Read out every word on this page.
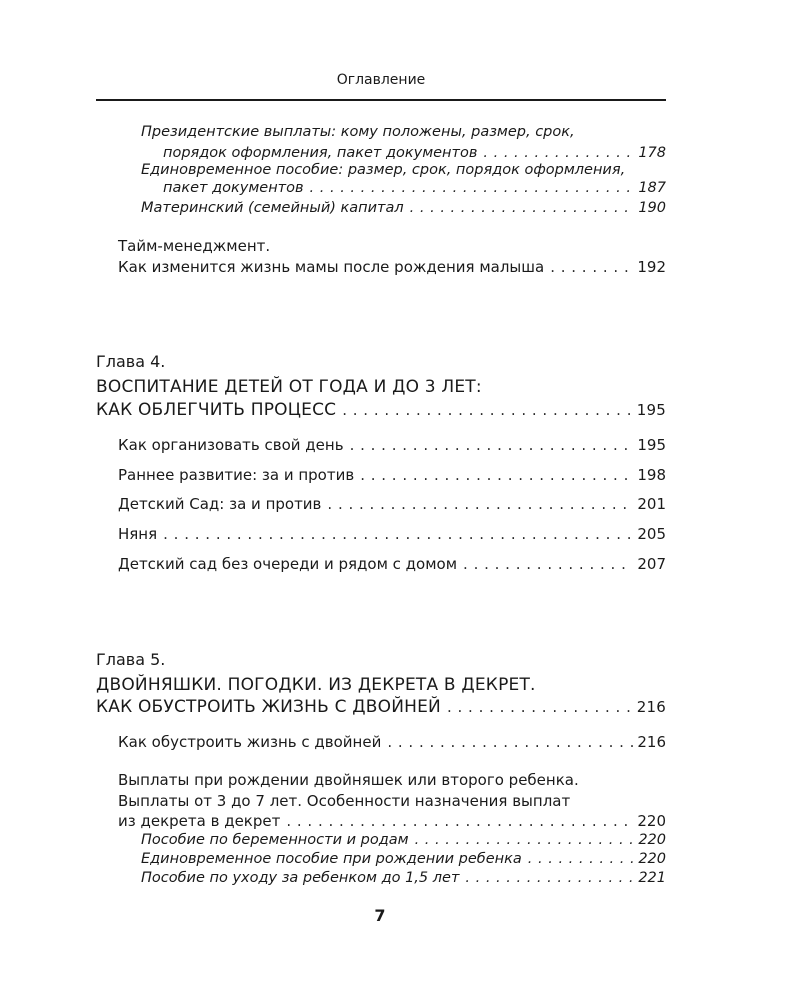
Оглавление
Президентские выплаты: кому положены, размер, срок,
порядок оформления, пакет документов . . .	178
Единовременное пособие: размер, срок, порядок оформления,
пакет документов . . .	187
Материнский (семейный) капитал . . .	190
Тайм-менеджмент.
Как изменится жизнь мамы после рождения малыша . . .	192
Глава 4.
ВОСПИТАНИЕ ДЕТЕЙ ОТ ГОДА И ДО 3 ЛЕТ:
КАК ОБЛЕГЧИТЬ ПРОЦЕСС . . .	195
Как организовать свой день . . .	195
Раннее развитие: за и против . . .	198
Детский Сад: за и против . . .	201
Няня . . .	205
Детский сад без очереди и рядом с домом . . .	207
Глава 5.
ДВОЙНЯШКИ. ПОГОДКИ. ИЗ ДЕКРЕТА В ДЕКРЕТ.
КАК ОБУСТРОИТЬ ЖИЗНЬ С ДВОЙНЕЙ . . .	216
Как обустроить жизнь с двойней . . .	216
Выплаты при рождении двойняшек или второго ребенка.
Выплаты от 3 до 7 лет. Особенности назначения выплат
из декрета в декрет . . .	220
Пособие по беременности и родам . . .	220
Единовременное пособие при рождении ребенка . . .	220
Пособие по уходу за ребенком до 1,5 лет . . .	221
7
